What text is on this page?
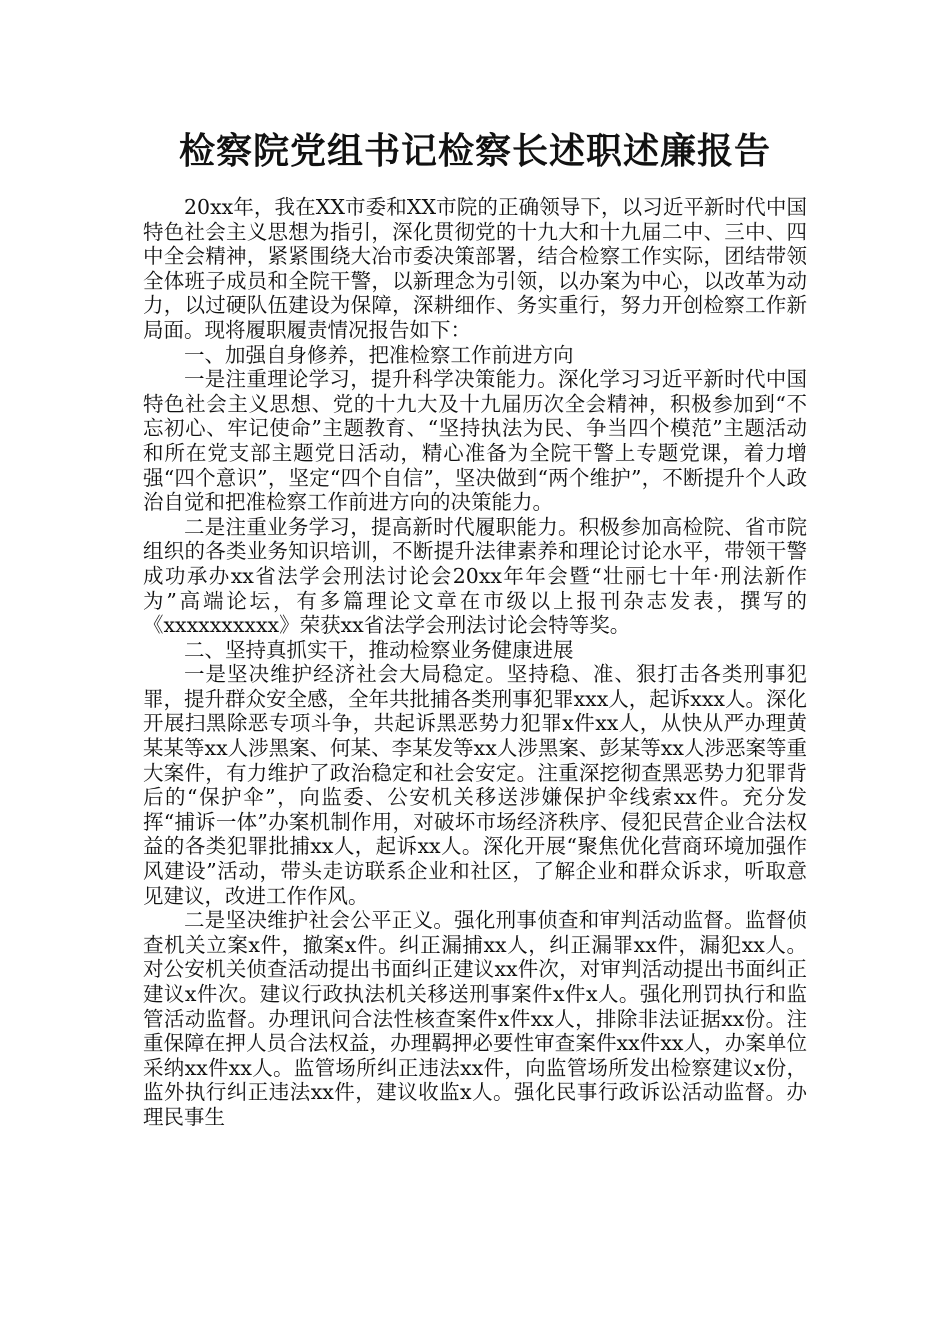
检察院党组书记检察长述职述廉报告

20xx年，我在XX市委和XX市院的正确领导下，以习近平新时代中国特色社会主义思想为指引，深化贯彻党的十九大和十九届二中、三中、四中全会精神，紧紧围绕大冶市委决策部署，结合检察工作实际，团结带领全体班子成员和全院干警，以新理念为引领，以办案为中心，以改革为动力，以过硬队伍建设为保障，深耕细作、务实重行，努力开创检察工作新局面。现将履职履责情况报告如下：

一、加强自身修养，把准检察工作前进方向

一是注重理论学习，提升科学决策能力。深化学习习近平新时代中国特色社会主义思想、党的十九大及十九届历次全会精神，积极参加到“不忘初心、牢记使命”主题教育、“坚持执法为民、争当四个模范”主题活动和所在党支部主题党日活动，精心准备为全院干警上专题党课，着力增强“四个意识”，坚定“四个自信”，坚决做到“两个维护”，不断提升个人政治自觉和把准检察工作前进方向的决策能力。

二是注重业务学习，提高新时代履职能力。积极参加高检院、省市院组织的各类业务知识培训，不断提升法律素养和理论讨论水平，带领干警成功承办xx省法学会刑法讨论会20xx年年会暨“壮丽七十年·刑法新作为”高端论坛，有多篇理论文章在市级以上报刊杂志发表，撰写的《xxxxxxxxxx》荣获xx省法学会刑法讨论会特等奖。

二、坚持真抓实干，推动检察业务健康进展

一是坚决维护经济社会大局稳定。坚持稳、准、狠打击各类刑事犯罪，提升群众安全感，全年共批捕各类刑事犯罪xxx人，起诉xxx人。深化开展扫黑除恶专项斗争，共起诉黑恶势力犯罪x件xx人，从快从严办理黄某某等xx人涉黑案、何某、李某发等xx人涉黑案、彭某等xx人涉恶案等重大案件，有力维护了政治稳定和社会安定。注重深挖彻查黑恶势力犯罪背后的“保护伞”，向监委、公安机关移送涉嫌保护伞线索xx件。充分发挥“捕诉一体”办案机制作用，对破坏市场经济秩序、侵犯民营企业合法权益的各类犯罪批捕xx人，起诉xx人。深化开展“聚焦优化营商环境加强作风建设”活动，带头走访联系企业和社区，了解企业和群众诉求，听取意见建议，改进工作作风。

二是坚决维护社会公平正义。强化刑事侦查和审判活动监督。监督侦查机关立案x件，撤案x件。纠正漏捕xx人，纠正漏罪xx件，漏犯xx人。对公安机关侦查活动提出书面纠正建议xx件次，对审判活动提出书面纠正建议x件次。建议行政执法机关移送刑事案件x件x人。强化刑罚执行和监管活动监督。办理讯问合法性核查案件x件xx人，排除非法证据xx份。注重保障在押人员合法权益，办理羁押必要性审查案件xx件xx人，办案单位采纳xx件xx人。监管场所纠正违法xx件，向监管场所发出检察建议x份，监外执行纠正违法xx件，建议收监x人。强化民事行政诉讼活动监督。办理民事生
